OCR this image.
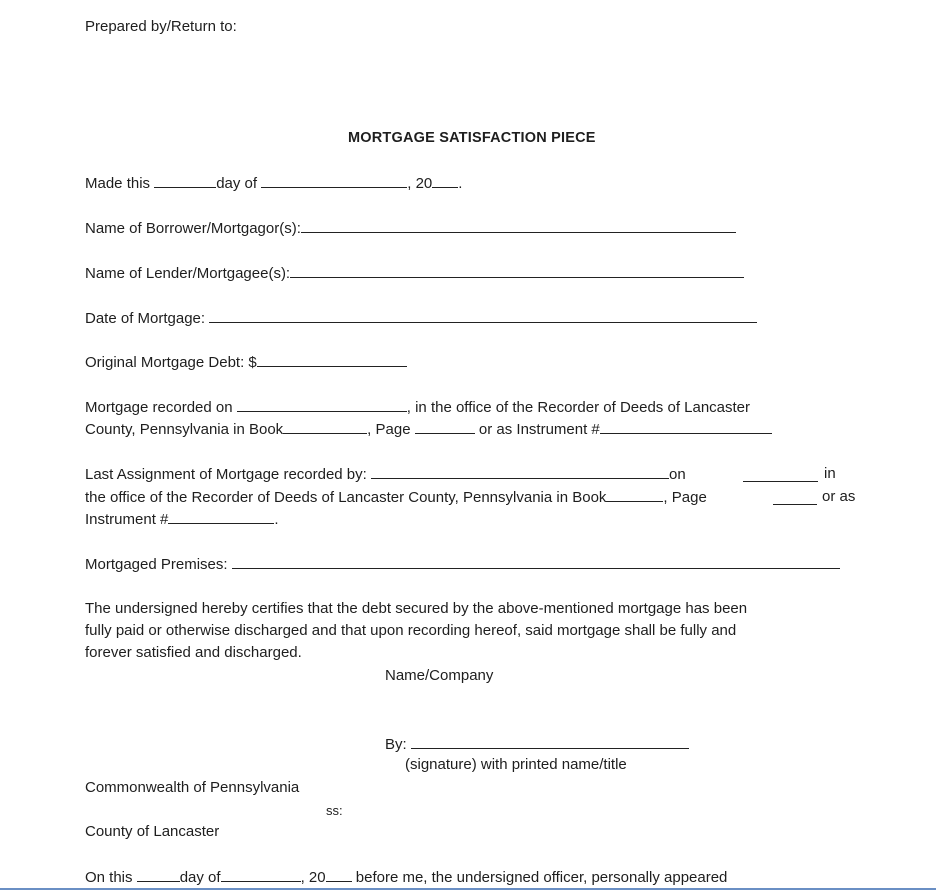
Prepared by/Return to:
MORTGAGE SATISFACTION PIECE
Made this	day of	, 20 .
Name of Borrower/Mortgagor(s):
Name of Lender/Mortgagee(s):
Date of Mortgage:
Original Mortgage Debt: $
Mortgage recorded on	, in the office of the Recorder of Deeds of Lancaster
County, Pennsylvania in Book	, Page	or as Instrument #
Last Assignment of Mortgage recorded by:	on	in
the office of the Recorder of Deeds of Lancaster County, Pennsylvania in Book	, Page	or as
Instrument #	.
Mortgaged Premises:
The undersigned hereby certifies that the debt secured by the above-mentioned mortgage has been
fully paid or otherwise discharged and that upon recording hereof, said mortgage shall be fully and
forever satisfied and discharged.
Name/Company
By:
(signature) with printed name/title
Commonwealth of Pennsylvania
ss:
County of Lancaster
On this	day of	, 20 before me, the undersigned officer, personally appeared
